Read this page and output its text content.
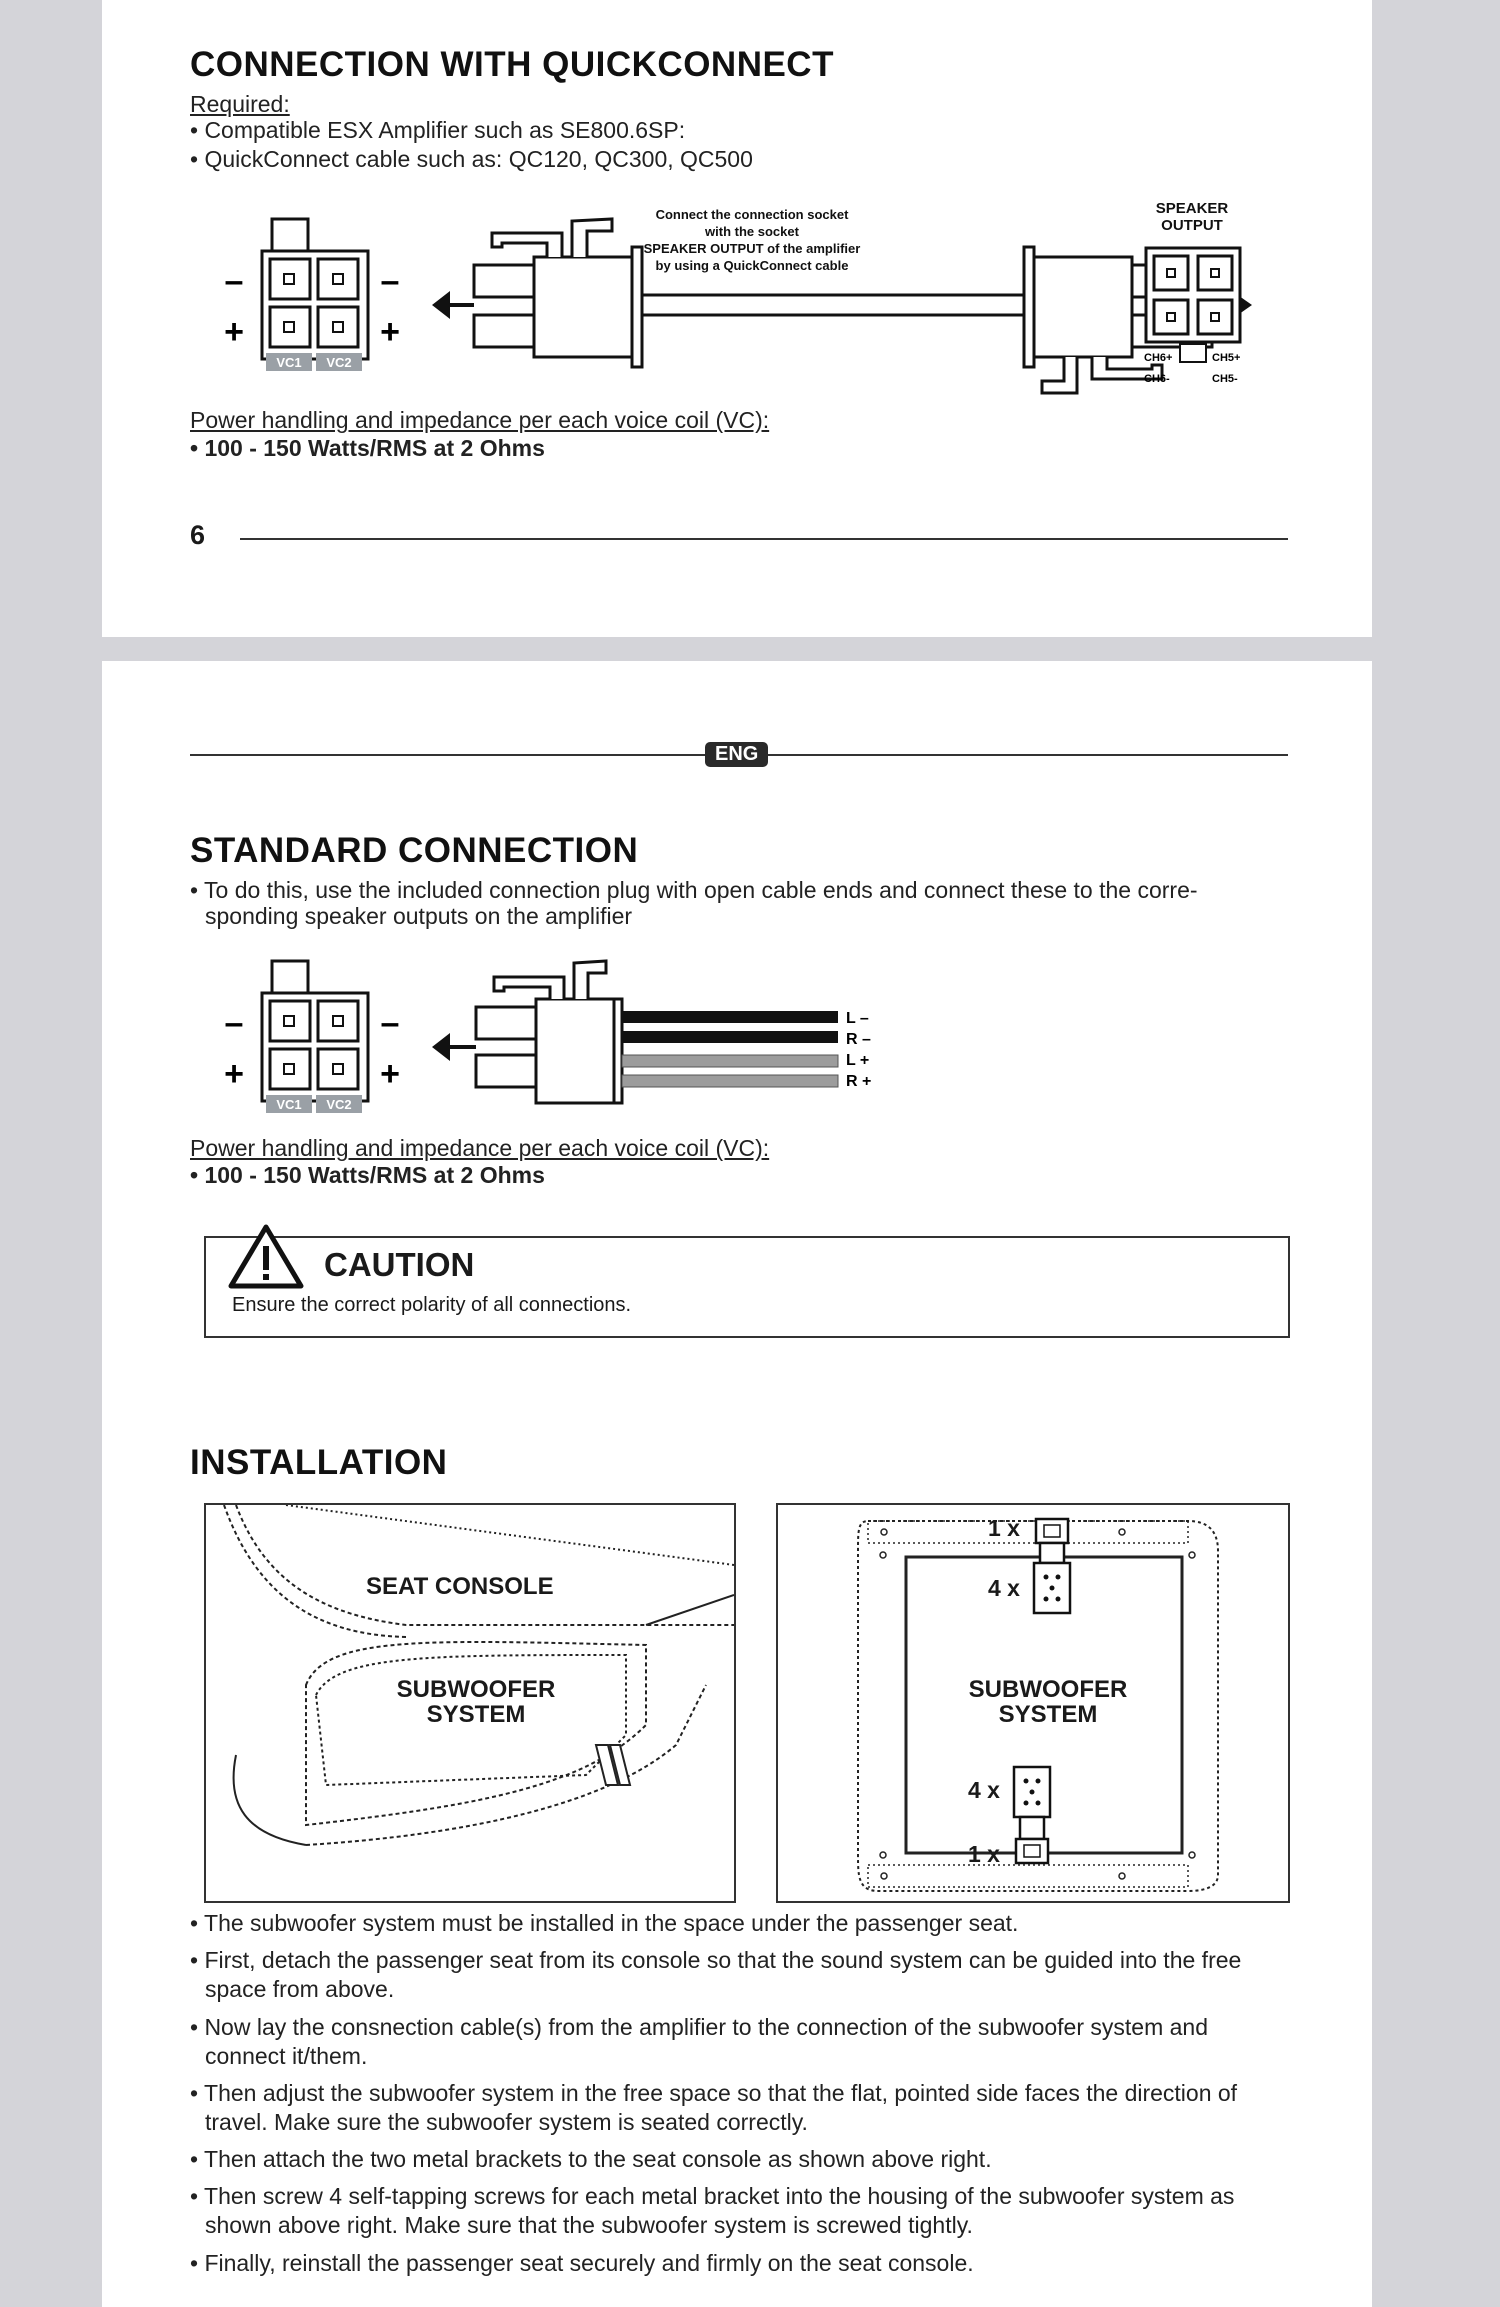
CONNECTION WITH QUICKCONNECT
Required:
• Compatible ESX Amplifier such as SE800.6SP:
• QuickConnect cable such as: QC120, QC300, QC500
VC1 VC2
–
+
–
+
Connect the connection socket
with the socket
SPEAKER OUTPUT of the amplifier
by using a QuickConnect cable
SPEAKER
OUTPUT
CH6+
CH6-
CH5+
CH5-
Power handling and impedance per each voice coil (VC):
• 100 - 150 Watts/RMS at 2 Ohms
6
ENG
STANDARD CONNECTION
• To do this, use the included connection plug with open cable ends and connect these to the corre-
sponding speaker outputs on the amplifier
VC1 VC2
–
+
–
+
L –
R –
L +
R +
Power handling and impedance per each voice coil (VC):
• 100 - 150 Watts/RMS at 2 Ohms
CAUTION
Ensure the correct polarity of all connections.
INSTALLATION
SEAT CONSOLE
SUBWOOFER
SYSTEM
1 x
4 x
SUBWOOFER
SYSTEM
4 x
1 x
• The subwoofer system must be installed in the space under the passenger seat.
• First, detach the passenger seat from its console so that the sound system can be guided into the free
space from above.
• Now lay the consnection cable(s) from the amplifier to the connection of the subwoofer system and
connect it/them.
• Then adjust the subwoofer system in the free space so that the flat, pointed side faces the direction of
travel. Make sure the subwoofer system is seated correctly.
• Then attach the two metal brackets to the seat console as shown above right.
• Then screw 4 self-tapping screws for each metal bracket into the housing of the subwoofer system as
shown above right. Make sure that the subwoofer system is screwed tightly.
• Finally, reinstall the passenger seat securely and firmly on the seat console.
